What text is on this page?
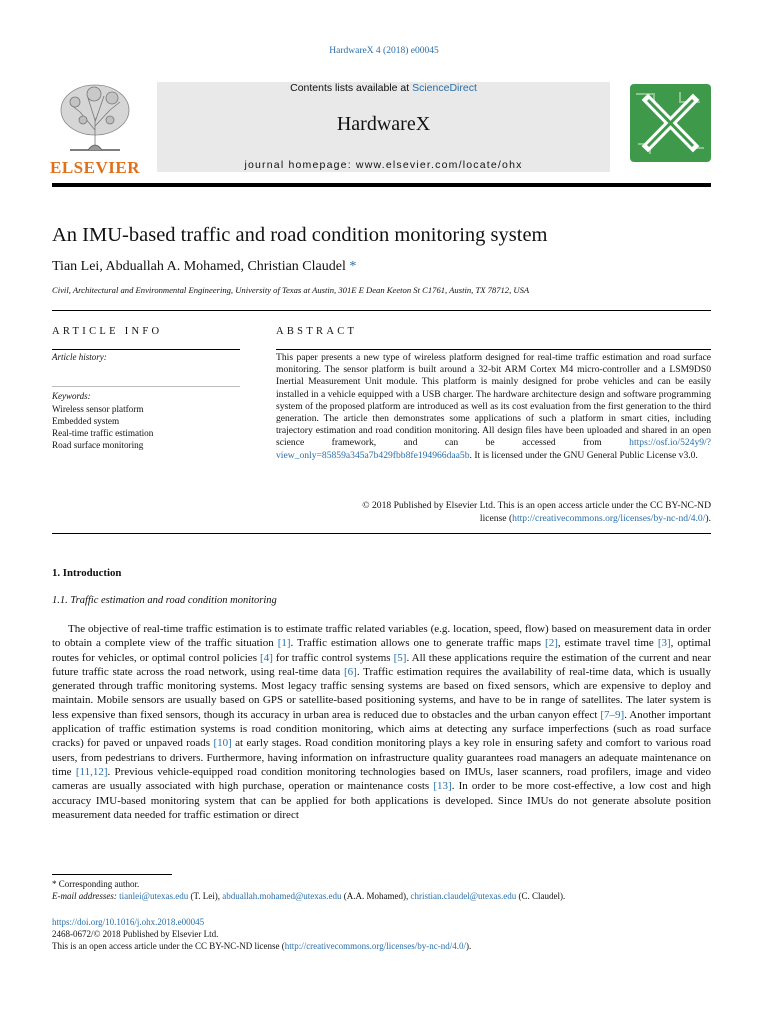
HardwareX 4 (2018) e00045
ELSEVIER
Contents lists available at ScienceDirect
HardwareX
journal homepage: www.elsevier.com/locate/ohx
An IMU-based traffic and road condition monitoring system
Tian Lei, Abduallah A. Mohamed, Christian Claudel *
Civil, Architectural and Environmental Engineering, University of Texas at Austin, 301E E Dean Keeton St C1761, Austin, TX 78712, USA
ARTICLE INFO	ABSTRACT
Article history:
Keywords:
Wireless sensor platform
Embedded system
Real-time traffic estimation
Road surface monitoring
This paper presents a new type of wireless platform designed for real-time traffic estimation and road surface monitoring. The sensor platform is built around a 32-bit ARM Cortex M4 micro-controller and a LSM9DS0 Inertial Measurement Unit module. This platform is mainly designed for probe vehicles and can be easily installed in a vehicle equipped with a USB charger. The hardware architecture design and software programming system of the proposed platform are introduced as well as its cost evaluation from the first generation to the third generation. The article then demonstrates some applications of such a platform in smart cities, including trajectory estimation and road condition monitoring. All design files have been uploaded and shared in an open science framework, and can be accessed from https://osf.io/524y9/?view_only=85859a345a7b429fbb8fe194966daa5b. It is licensed under the GNU General Public License v3.0.
© 2018 Published by Elsevier Ltd. This is an open access article under the CC BY-NC-ND
license (http://creativecommons.org/licenses/by-nc-nd/4.0/).
1. Introduction
1.1. Traffic estimation and road condition monitoring
The objective of real-time traffic estimation is to estimate traffic related variables (e.g. location, speed, flow) based on measurement data in order to obtain a complete view of the traffic situation [1]. Traffic estimation allows one to generate traffic maps [2], estimate travel time [3], optimal routes for vehicles, or optimal control policies [4] for traffic control systems [5]. All these applications require the estimation of the current and near future traffic state across the road network, using real-time data [6]. Traffic estimation requires the availability of real-time data, which is usually generated through traffic monitoring systems. Most legacy traffic sensing systems are based on fixed sensors, which are expensive to deploy and maintain. Mobile sensors are usually based on GPS or satellite-based positioning systems, and have to be in range of satellites. The later system is less expensive than fixed sensors, though its accuracy in urban area is reduced due to obstacles and the urban canyon effect [7–9]. Another important application of traffic estimation systems is road condition monitoring, which aims at detecting any surface imperfections (such as road surface cracks) for paved or unpaved roads [10] at early stages. Road condition monitoring plays a key role in ensuring safety and comfort to various road users, from pedestrians to drivers. Furthermore, having information on infrastructure quality guarantees road managers an adequate maintenance on time [11,12]. Previous vehicle-equipped road condition monitoring technologies based on IMUs, laser scanners, road profilers, image and video cameras are usually associated with high purchase, operation or maintenance costs [13]. In order to be more cost-effective, a low cost and high accuracy IMU-based monitoring system that can be applied for both applications is developed. Since IMUs do not generate absolute position measurement data needed for traffic estimation or direct
* Corresponding author.
E-mail addresses: tianlei@utexas.edu (T. Lei), abduallah.mohamed@utexas.edu (A.A. Mohamed), christian.claudel@utexas.edu (C. Claudel).
https://doi.org/10.1016/j.ohx.2018.e00045
2468-0672/© 2018 Published by Elsevier Ltd.
This is an open access article under the CC BY-NC-ND license (http://creativecommons.org/licenses/by-nc-nd/4.0/).
